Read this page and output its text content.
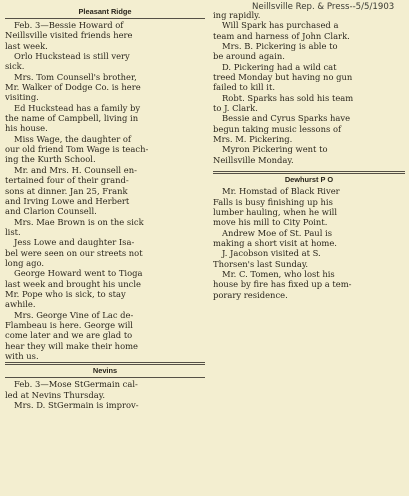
Neillsville Rep. & Press--5/5/1903
Pleasant Ridge
Feb. 3—Bessie Howard of
Neillsville visited friends here
last week.
Orlo Huckstead is still very
sick.
Mrs. Tom Counsell's brother,
Mr. Walker of Dodge Co. is here
visiting.
Ed Huckstead has a family by
the name of Campbell, living in
his house.
Miss Wage, the daughter of
our old friend Tom Wage is teach-
ing the Kurth School.
Mr. and Mrs. H. Counsell en-
tertained four of their grand-
sons at dinner. Jan 25, Frank
and Irving Lowe and Herbert
and Clarion Counsell.
Mrs. Mae Brown is on the sick
list.
Jess Lowe and daughter Isa-
bel were seen on our streets not
long ago.
George Howard went to Tioga
last week and brought his uncle
Mr. Pope who is sick, to stay
awhile.
Mrs. George Vine of Lac de-
Flambeau is here. George will
come later and we are glad to
hear they will make their home
with us.
Nevins
Feb. 3—Mose StGermain cal-
led at Nevins Thursday.
Mrs. D. StGermain is improv-
ing rapidly.
Will Spark has purchased a
team and harness of John Clark.
Mrs. B. Pickering is able to
be around again.
D. Pickering had a wild cat
treed Monday but having no gun
failed to kill it.
Robt. Sparks has sold his team
to J. Clark.
Bessie and Cyrus Sparks have
begun taking music lessons of
Mrs. M. Pickering.
Myron Pickering went to
Neillsville Monday.
Dewhurst P O
Mr. Homstad of Black River
Falls is busy finishing up his
lumber hauling, when he will
move his mill to City Point.
Andrew Moe of St. Paul is
making a short visit at home.
J. Jacobson visited at S.
Thorsen's last Sunday.
Mr. C. Tomen, who lost his
house by fire has fixed up a tem-
porary residence.
